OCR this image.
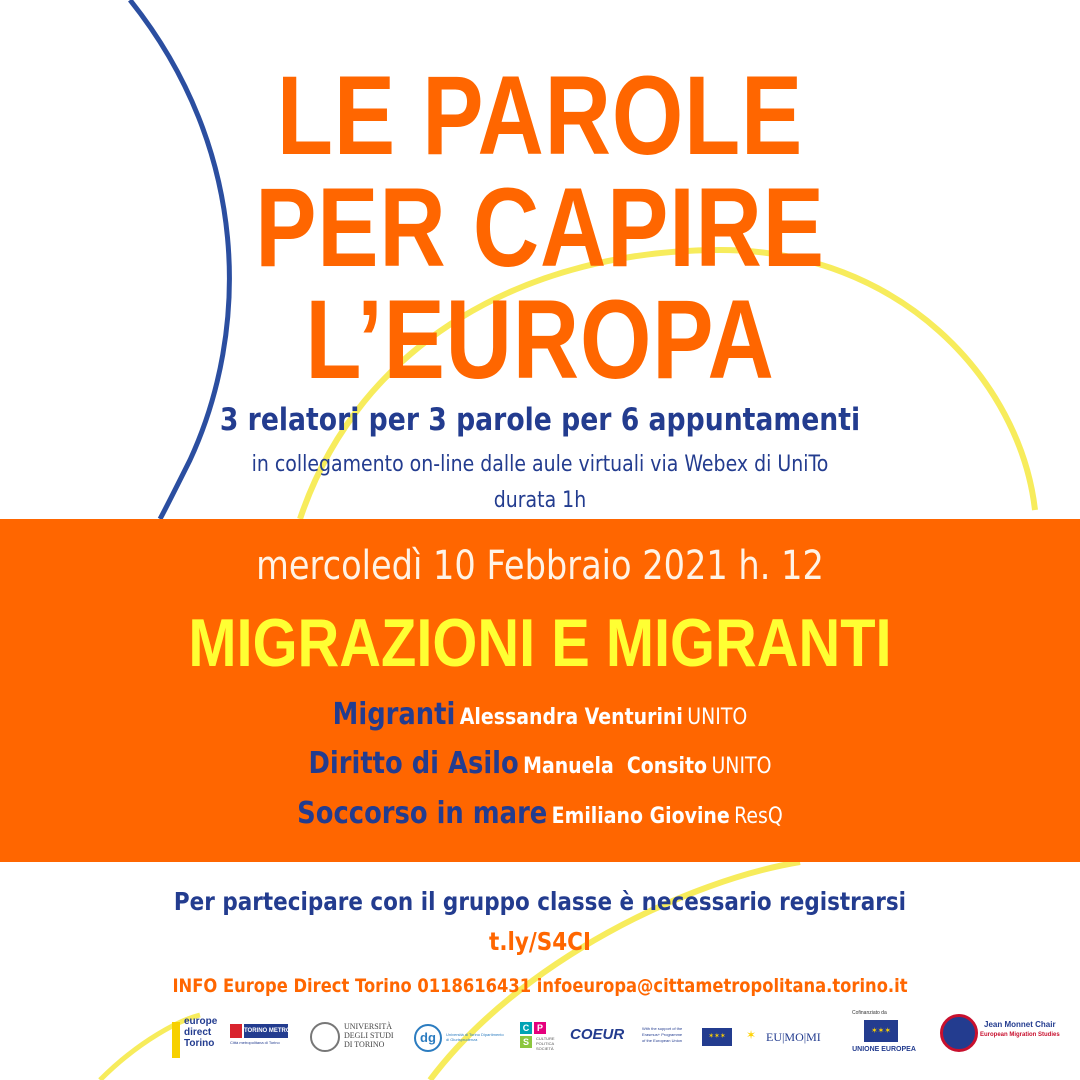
LE PAROLE
PER CAPIRE
L’EUROPA
3 relatori per 3 parole per 6 appuntamenti
in collegamento on-line dalle aule virtuali via Webex di UniTo
durata 1h
mercoledì 10 Febbraio 2021 h. 12
MIGRAZIONI E MIGRANTI
Migranti Alessandra Venturini UNITO
Diritto di Asilo Manuela  Consito UNITO
Soccorso in mare Emiliano Giovine ResQ
Per partecipare con il gruppo classe è necessario registrarsi
t.ly/S4CI
INFO Europe Direct Torino 0118616431 infoeuropa@cittametropolitana.torino.it
europe
direct
Torino
TORINO METROPOLI
Città metropolitana di Torino
UNIVERSITÀ
DEGLI STUDI
DI TORINO	dg	Università di Torino Dipartimento di Giurisprudenza
C P
S	CULTURE
POLITICA
SOCIETÀ
COEUR	With the support of the
Erasmus+ Programme
of the European Union
✶✶✶	✶ EU|MO|MI
Cofinanziato da
✶✶✶
UNIONE EUROPEA
Jean Monnet Chair
European Migration Studies
